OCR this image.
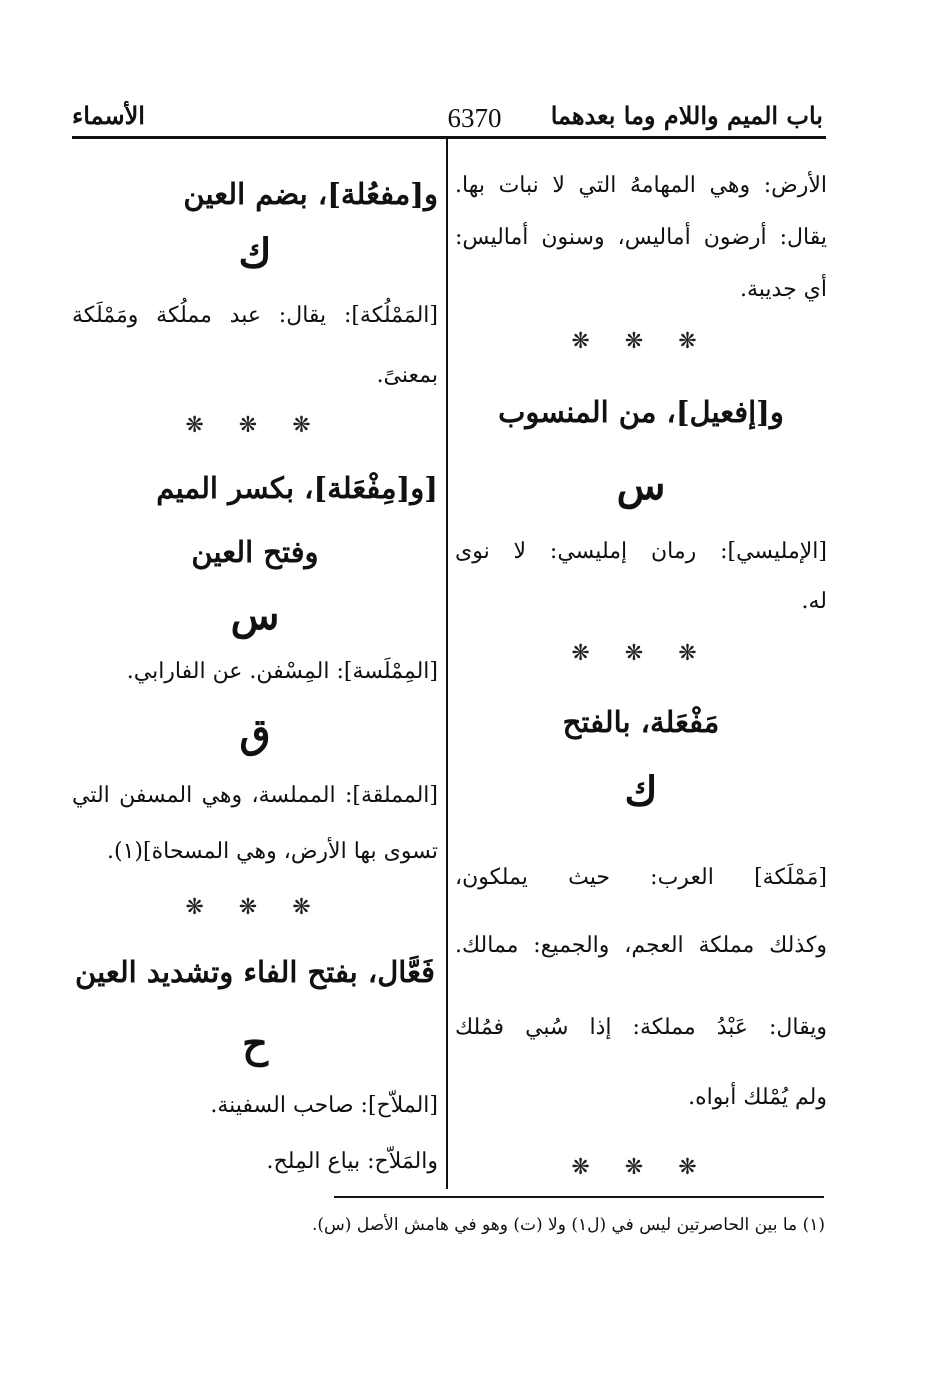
باب الميم واللام وما بعدهما
6370
الأسماء
الأرض: وهي المهامهُ التي لا نبات بها.
يقال: أرضون أماليس، وسنون أماليس:
أي جديبة.
❋ ❋ ❋
و[إفعيل]، من المنسوب
س
[الإمليسي]: رمان إمليسي: لا نوى
له.
❋ ❋ ❋
مَفْعَلة، بالفتح
ك
[مَمْلَكة] العرب: حيث يملكون،
وكذلك مملكة العجم، والجميع: ممالك.
ويقال: عَبْدُ مملكة: إذا سُبي فمُلك
ولم يُمْلك أبواه.
❋ ❋ ❋
و[مفعُلة]، بضم العين
ك
[المَمْلُكة]: يقال: عبد مملُكة ومَمْلَكة
بمعنىً.
❋ ❋ ❋
[و[مِفْعَلة]، بكسر الميم
وفتح العين
س
[المِمْلَسة]: المِسْفن. عن الفارابي.
ق
[المملقة]: المملسة، وهي المسفن التي
تسوى بها الأرض، وهي المسحاة](١).
❋ ❋ ❋
فَعَّال، بفتح الفاء وتشديد العين
ح
[الملاّح]: صاحب السفينة.
والمَلاّح: بياع المِلح.
(١) ما بين الحاصرتين ليس في (ل١) ولا (ت) وهو في هامش الأصل (س).
